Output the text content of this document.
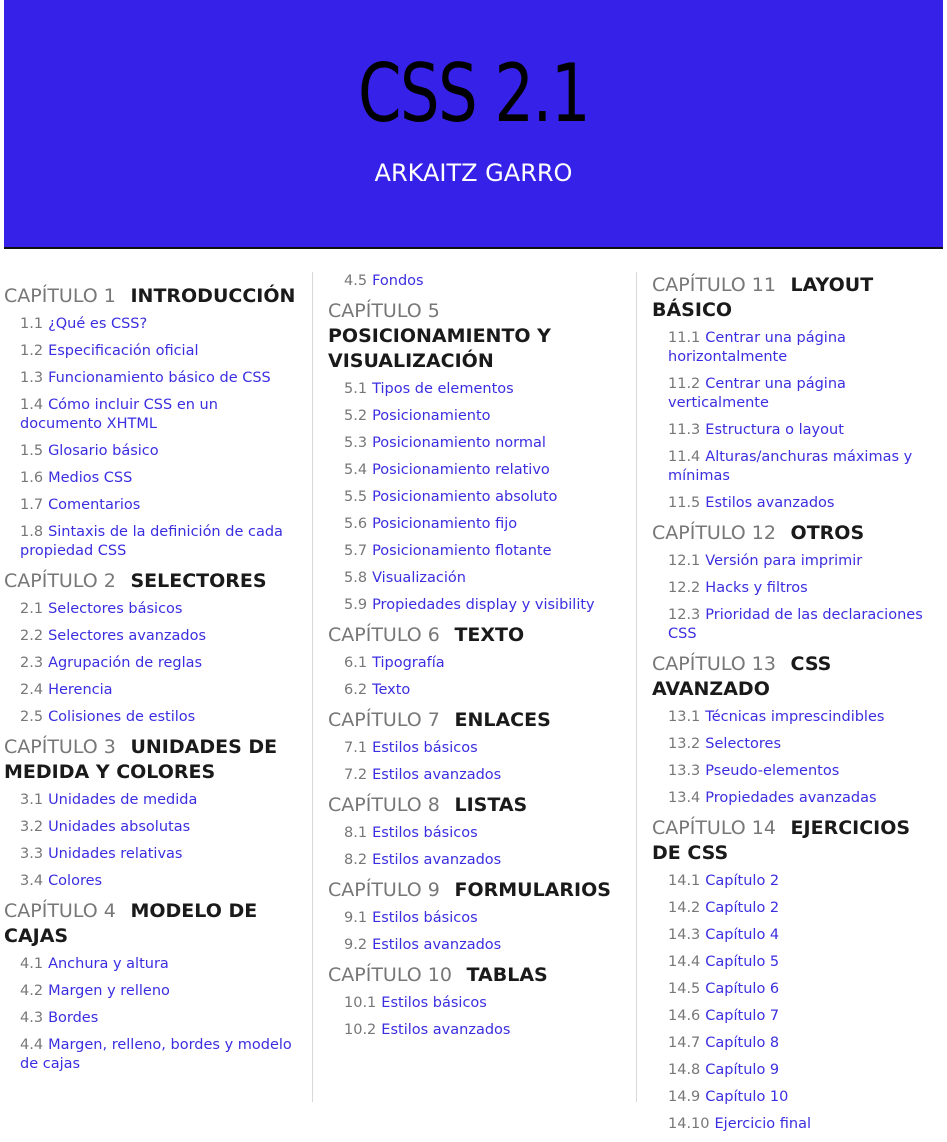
CSS 2.1
ARKAITZ GARRO
CAPÍTULO 1 INTRODUCCIÓN
1.1 ¿Qué es CSS?
1.2 Especificación oficial
1.3 Funcionamiento básico de CSS
1.4 Cómo incluir CSS en un documento XHTML
1.5 Glosario básico
1.6 Medios CSS
1.7 Comentarios
1.8 Sintaxis de la definición de cada propiedad CSS
CAPÍTULO 2 SELECTORES
2.1 Selectores básicos
2.2 Selectores avanzados
2.3 Agrupación de reglas
2.4 Herencia
2.5 Colisiones de estilos
CAPÍTULO 3 UNIDADES DE MEDIDA Y COLORES
3.1 Unidades de medida
3.2 Unidades absolutas
3.3 Unidades relativas
3.4 Colores
CAPÍTULO 4 MODELO DE CAJAS
4.1 Anchura y altura
4.2 Margen y relleno
4.3 Bordes
4.4 Margen, relleno, bordes y modelo de cajas
4.5 Fondos
CAPÍTULO 5 POSICIONAMIENTO Y VISUALIZACIÓN
5.1 Tipos de elementos
5.2 Posicionamiento
5.3 Posicionamiento normal
5.4 Posicionamiento relativo
5.5 Posicionamiento absoluto
5.6 Posicionamiento fijo
5.7 Posicionamiento flotante
5.8 Visualización
5.9 Propiedades display y visibility
CAPÍTULO 6 TEXTO
6.1 Tipografía
6.2 Texto
CAPÍTULO 7 ENLACES
7.1 Estilos básicos
7.2 Estilos avanzados
CAPÍTULO 8 LISTAS
8.1 Estilos básicos
8.2 Estilos avanzados
CAPÍTULO 9 FORMULARIOS
9.1 Estilos básicos
9.2 Estilos avanzados
CAPÍTULO 10 TABLAS
10.1 Estilos básicos
10.2 Estilos avanzados
CAPÍTULO 11 LAYOUT BÁSICO
11.1 Centrar una página horizontalmente
11.2 Centrar una página verticalmente
11.3 Estructura o layout
11.4 Alturas/anchuras máximas y mínimas
11.5 Estilos avanzados
CAPÍTULO 12 OTROS
12.1 Versión para imprimir
12.2 Hacks y filtros
12.3 Prioridad de las declaraciones CSS
CAPÍTULO 13 CSS AVANZADO
13.1 Técnicas imprescindibles
13.2 Selectores
13.3 Pseudo-elementos
13.4 Propiedades avanzadas
CAPÍTULO 14 EJERCICIOS DE CSS
14.1 Capítulo 2
14.2 Capítulo 2
14.3 Capítulo 4
14.4 Capítulo 5
14.5 Capítulo 6
14.6 Capítulo 7
14.7 Capítulo 8
14.8 Capítulo 9
14.9 Capítulo 10
14.10 Ejercicio final
